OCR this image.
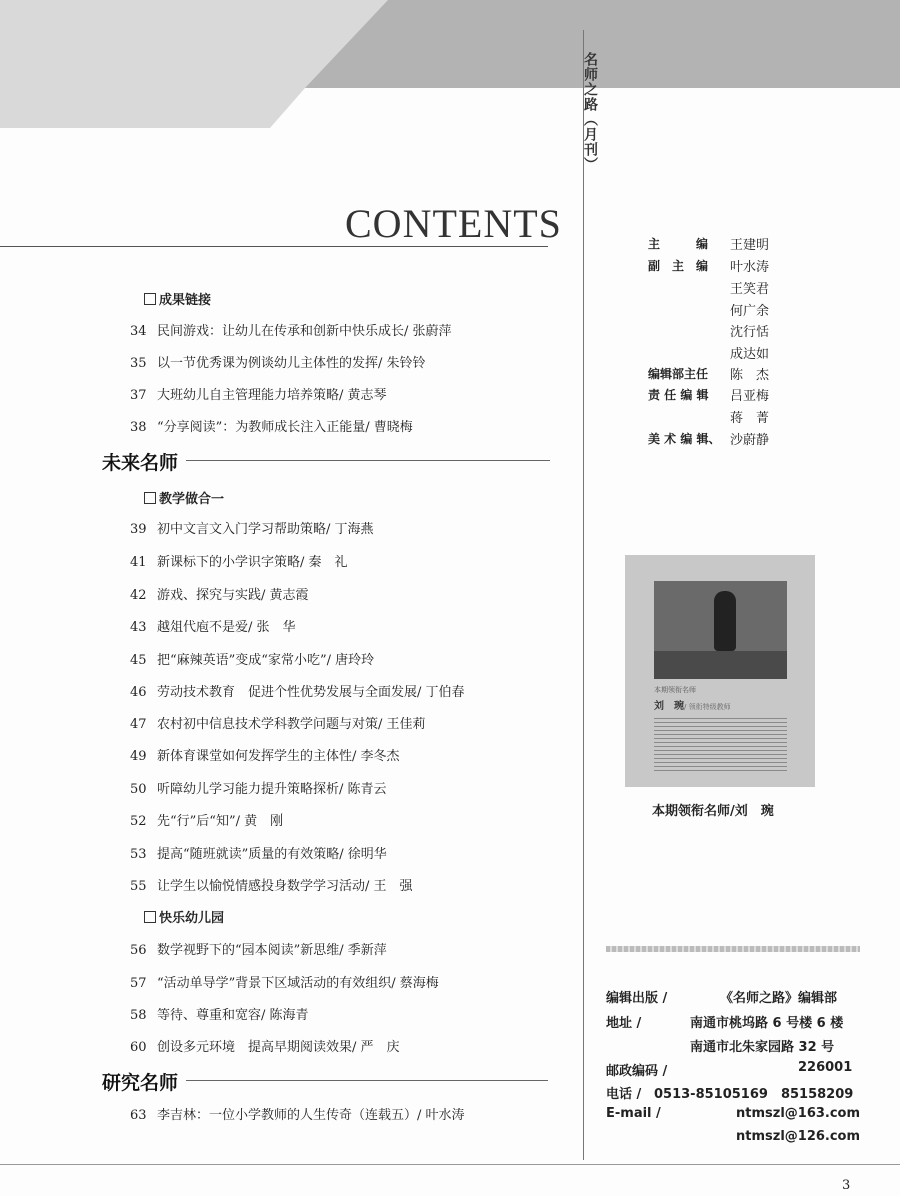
名师之路（月刊）
CONTENTS
成果链接
34 民间游戏：让幼儿在传承和创新中快乐成长/ 张蔚萍
35 以一节优秀课为例谈幼儿主体性的发挥/ 朱铃铃
37 大班幼儿自主管理能力培养策略/ 黄志琴
38 “分享阅读”：为教师成长注入正能量/ 曹晓梅
未来名师
教学做合一
39 初中文言文入门学习帮助策略/ 丁海燕
41 新课标下的小学识字策略/ 秦　礼
42 游戏、探究与实践/ 黄志霞
43 越俎代庖不是爱/ 张　华
45 把“麻辣英语”变成“家常小吃”/ 唐玲玲
46 劳动技术教育　促进个性优势发展与全面发展/ 丁伯春
47 农村初中信息技术学科教学问题与对策/ 王佳莉
49 新体育课堂如何发挥学生的主体性/ 李冬杰
50 听障幼儿学习能力提升策略探析/ 陈青云
52 先“行”后“知”/ 黄　刚
53 提高“随班就读”质量的有效策略/ 徐明华
55 让学生以愉悦情感投身数学学习活动/ 王　强
快乐幼儿园
56 数学视野下的“园本阅读”新思维/ 季新萍
57 “活动单导学”背景下区域活动的有效组织/ 蔡海梅
58 等待、尊重和宽容/ 陈海青
60 创设多元环境　提高早期阅读效果/ 严　庆
研究名师
63 李吉林：一位小学教师的人生传奇（连载五）/ 叶水涛
主　　　编 王建明
副　主　编 叶水涛
王笑君
何广余
沈行恬
成达如
编辑部主任 陈　杰
责 任 编 辑 吕亚梅
蒋　菁
美 术 编 辑、 沙蔚静
本期领衔名师
刘　琬/ 领衔特级教师
本期领衔名师/刘　琬
编辑出版 /	《名师之路》编辑部
地址 /	南通市桃坞路 6 号楼 6 楼
南通市北朱家园路 32 号
邮政编码 /	226001
电话 / 0513-85105169　85158209
E-mail /	ntmszl@163.com
ntmszl@126.com
3
